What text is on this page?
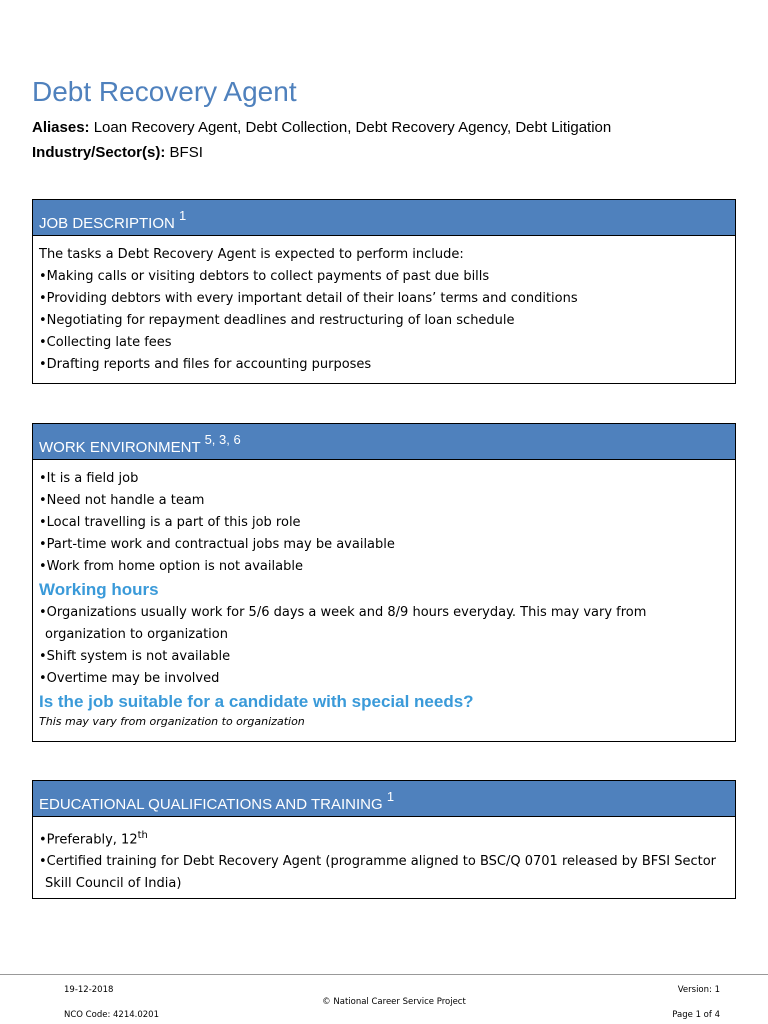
Debt Recovery Agent
Aliases: Loan Recovery Agent, Debt Collection, Debt Recovery Agency, Debt Litigation
Industry/Sector(s): BFSI
JOB DESCRIPTION $^1$
The tasks a Debt Recovery Agent is expected to perform include:
•Making calls or visiting debtors to collect payments of past due bills
•Providing debtors with every important detail of their loans’ terms and conditions
•Negotiating for repayment deadlines and restructuring of loan schedule
•Collecting late fees
•Drafting reports and files for accounting purposes
WORK ENVIRONMENT $^{5, 3, 6}$
•It is a field job
•Need not handle a team
•Local travelling is a part of this job role
•Part-time work and contractual jobs may be available
•Work from home option is not available
Working hours
•Organizations usually work for 5/6 days a week and 8/9 hours everyday. This may vary from organization to organization
•Shift system is not available
•Overtime may be involved
Is the job suitable for a candidate with special needs?
This may vary from organization to organization
EDUCATIONAL QUALIFICATIONS AND TRAINING $^1$
•Preferably, 12th
•Certified training for Debt Recovery Agent (programme aligned to BSC/Q 0701 released by BFSI Sector Skill Council of India)
19-12-2018
NCO Code: 4214.0201
© National Career Service Project
Version: 1
Page 1 of 4
